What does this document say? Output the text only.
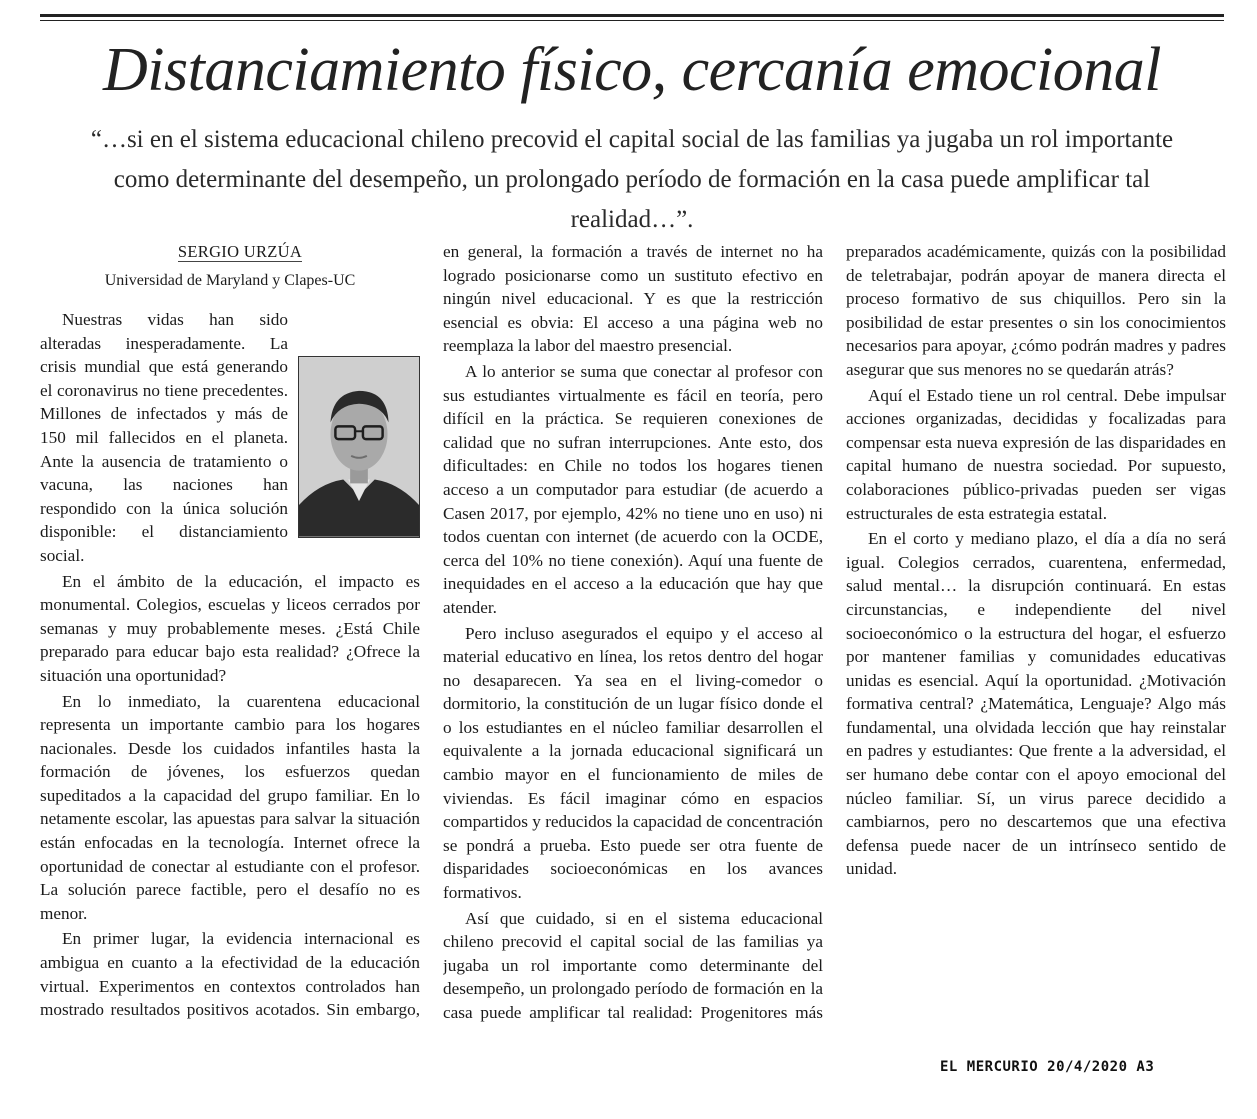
Distanciamiento físico, cercanía emocional
“…si en el sistema educacional chileno precovid el capital social de las familias ya jugaba un rol importante como determinante del desempeño, un prolongado período de formación en la casa puede amplificar tal realidad…”.
SERGIO URZÚA
Universidad de Maryland y Clapes-UC

Nuestras vidas han sido alteradas inesperadamente. La crisis mundial que está generando el coronavirus no tiene precedentes. Millones de infectados y más de 150 mil fallecidos en el planeta. Ante la ausencia de tratamiento o vacuna, las naciones han respondido con la única solución disponible: el distanciamiento social.

En el ámbito de la educación, el impacto es monumental. Colegios, escuelas y liceos cerrados por semanas y muy probablemente meses. ¿Está Chile preparado para educar bajo esta realidad? ¿Ofrece la situación una oportunidad?

En lo inmediato, la cuarentena educacional representa un importante cambio para los hogares nacionales. Desde los cuidados infantiles hasta la formación de jóvenes, los esfuerzos quedan supeditados a la capacidad del grupo familiar. En lo netamente escolar, las apuestas para salvar la situación están enfocadas en la tecnología. Internet ofrece la oportunidad de conectar al estudiante con el profesor. La solución parece factible, pero el desafío no es menor.

En primer lugar, la evidencia internacional es ambigua en cuanto a la efectividad de la educación virtual. Experimentos en contextos controlados han mostrado resultados positivos acotados. Sin embargo,

en general, la formación a través de internet no ha logrado posicionarse como un sustituto efectivo en ningún nivel educacional. Y es que la restricción esencial es obvia: El acceso a una página web no reemplaza la labor del maestro presencial.

A lo anterior se suma que conectar al profesor con sus estudiantes virtualmente es fácil en teoría, pero difícil en la práctica. Se requieren conexiones de calidad que no sufran interrupciones. Ante esto, dos dificultades: en Chile no todos los hogares tienen acceso a un computador para estudiar (de acuerdo a Casen 2017, por ejemplo, 42% no tiene uno en uso) ni todos cuentan con internet (de acuerdo con la OCDE, cerca del 10% no tiene conexión). Aquí una fuente de inequidades en el acceso a la educación que hay que atender.

Pero incluso asegurados el equipo y el acceso al material educativo en línea, los retos dentro del hogar no desaparecen. Ya sea en el living-comedor o dormitorio, la constitución de un lugar físico donde el o los estudiantes en el núcleo familiar desarrollen el equivalente a la jornada educacional significará un cambio mayor en el funcionamiento de miles de viviendas. Es fácil imaginar cómo en espacios compartidos y reducidos la capacidad de concentración se pondrá a prueba. Esto puede ser otra fuente de disparidades socioeconómicas en los avances formativos.

Así que cuidado, si en el sistema educacional chileno precovid el capital social de las familias ya jugaba un rol importante como determinante del desempeño, un prolongado período de formación en la casa puede amplificar tal realidad: Progenitores más

preparados académicamente, quizás con la posibilidad de teletrabajar, podrán apoyar de manera directa el proceso formativo de sus chiquillos. Pero sin la posibilidad de estar presentes o sin los conocimientos necesarios para apoyar, ¿cómo podrán madres y padres asegurar que sus menores no se quedarán atrás?

Aquí el Estado tiene un rol central. Debe impulsar acciones organizadas, decididas y focalizadas para compensar esta nueva expresión de las disparidades en capital humano de nuestra sociedad. Por supuesto, colaboraciones público-privadas pueden ser vigas estructurales de esta estrategia estatal.

En el corto y mediano plazo, el día a día no será igual. Colegios cerrados, cuarentena, enfermedad, salud mental… la disrupción continuará. En estas circunstancias, e independiente del nivel socioeconómico o la estructura del hogar, el esfuerzo por mantener familias y comunidades educativas unidas es esencial. Aquí la oportunidad. ¿Motivación formativa central? ¿Matemática, Lenguaje? Algo más fundamental, una olvidada lección que hay reinstalar en padres y estudiantes: Que frente a la adversidad, el ser humano debe contar con el apoyo emocional del núcleo familiar. Sí, un virus parece decidido a cambiarnos, pero no descartemos que una efectiva defensa puede nacer de un intrínseco sentido de unidad.

EL MERCURIO 20/4/2020 A3
